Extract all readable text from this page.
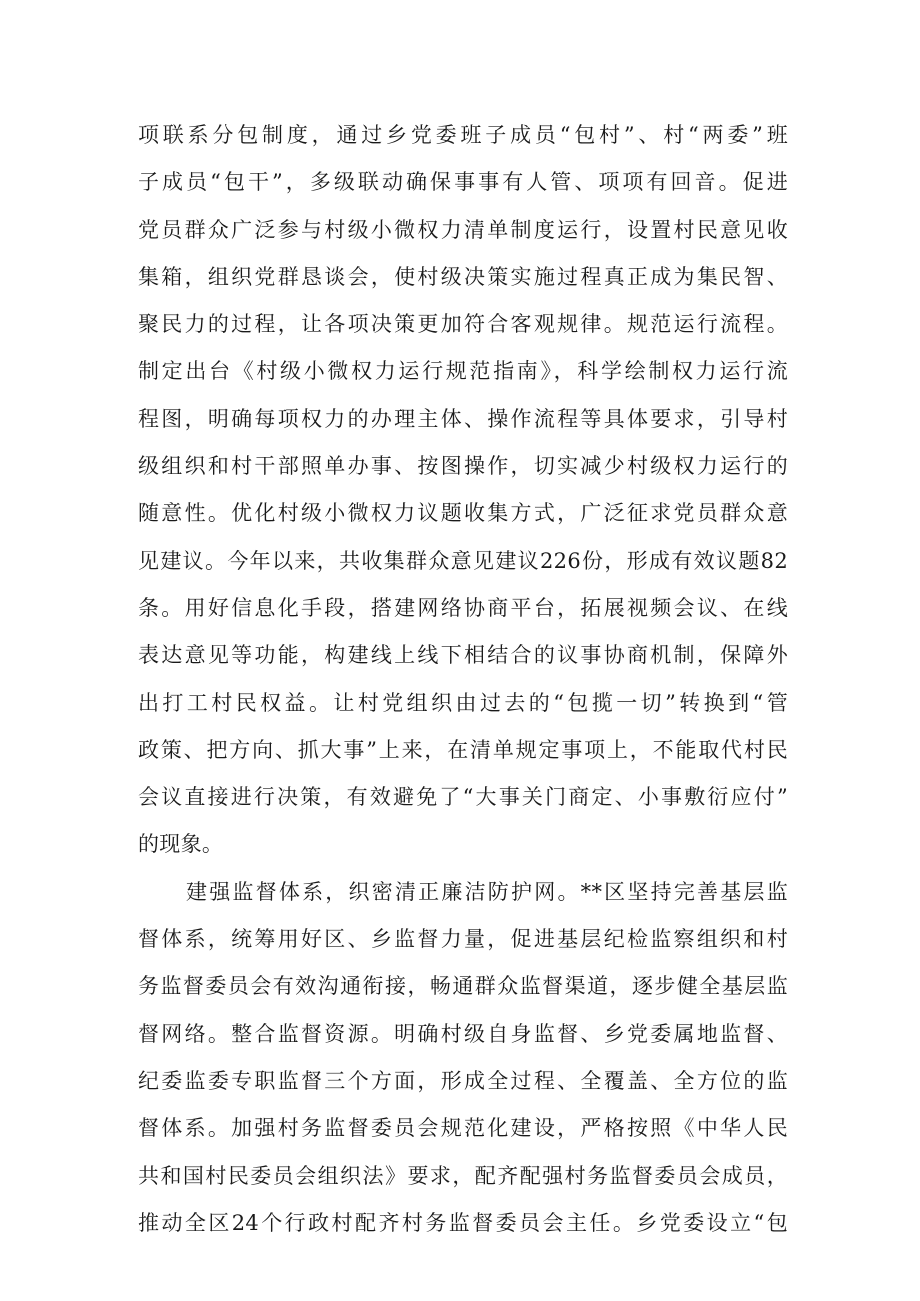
项联系分包制度，通过乡党委班子成员“包村”、村“两委”班
子成员“包干”，多级联动确保事事有人管、项项有回音。促进
党员群众广泛参与村级小微权力清单制度运行，设置村民意见收
集箱，组织党群恳谈会，使村级决策实施过程真正成为集民智、
聚民力的过程，让各项决策更加符合客观规律。规范运行流程。
制定出台《村级小微权力运行规范指南》，科学绘制权力运行流
程图，明确每项权力的办理主体、操作流程等具体要求，引导村
级组织和村干部照单办事、按图操作，切实减少村级权力运行的
随意性。优化村级小微权力议题收集方式，广泛征求党员群众意
见建议。今年以来，共收集群众意见建议226份，形成有效议题82
条。用好信息化手段，搭建网络协商平台，拓展视频会议、在线
表达意见等功能，构建线上线下相结合的议事协商机制，保障外
出打工村民权益。让村党组织由过去的“包揽一切”转换到“管
政策、把方向、抓大事”上来，在清单规定事项上，不能取代村民
会议直接进行决策，有效避免了“大事关门商定、小事敷衍应付”
的现象。
建强监督体系，织密清正廉洁防护网。**区坚持完善基层监
督体系，统筹用好区、乡监督力量，促进基层纪检监察组织和村
务监督委员会有效沟通衔接，畅通群众监督渠道，逐步健全基层监
督网络。整合监督资源。明确村级自身监督、乡党委属地监督、
纪委监委专职监督三个方面，形成全过程、全覆盖、全方位的监
督体系。加强村务监督委员会规范化建设，严格按照《中华人民
共和国村民委员会组织法》要求，配齐配强村务监督委员会成员，
推动全区24个行政村配齐村务监督委员会主任。乡党委设立“包
